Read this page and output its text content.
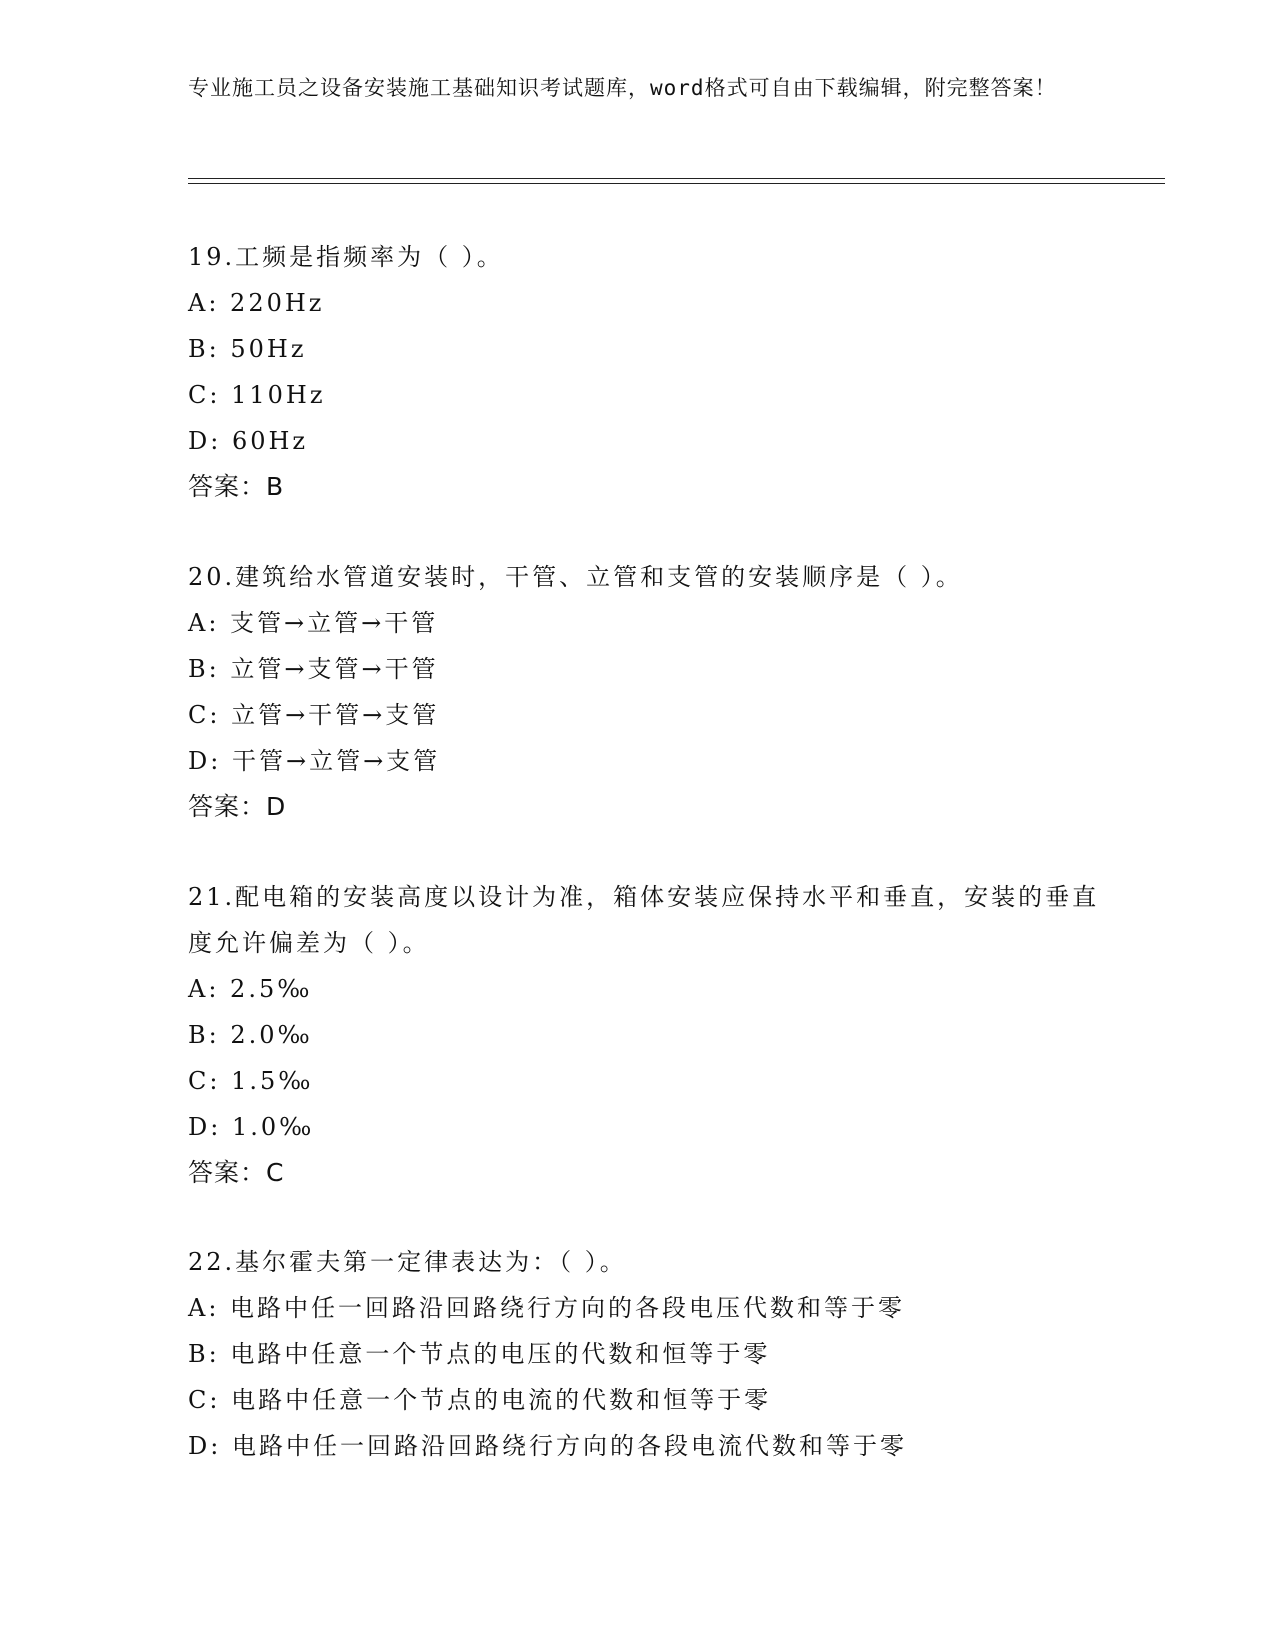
专业施工员之设备安装施工基础知识考试题库，word格式可自由下载编辑，附完整答案！
19.工频是指频率为（ ）。
A: 220Hz
B: 50Hz
C: 110Hz
D: 60Hz
答案：B
20.建筑给水管道安装时，干管、立管和支管的安装顺序是（ ）。
A: 支管→立管→干管
B: 立管→支管→干管
C: 立管→干管→支管
D: 干管→立管→支管
答案：D
21.配电箱的安装高度以设计为准，箱体安装应保持水平和垂直，安装的垂直度允许偏差为（ ）。
A: 2.5‰
B: 2.0‰
C: 1.5‰
D: 1.0‰
答案：C
22.基尔霍夫第一定律表达为：（ ）。
A: 电路中任一回路沿回路绕行方向的各段电压代数和等于零
B: 电路中任意一个节点的电压的代数和恒等于零
C: 电路中任意一个节点的电流的代数和恒等于零
D: 电路中任一回路沿回路绕行方向的各段电流代数和等于零
